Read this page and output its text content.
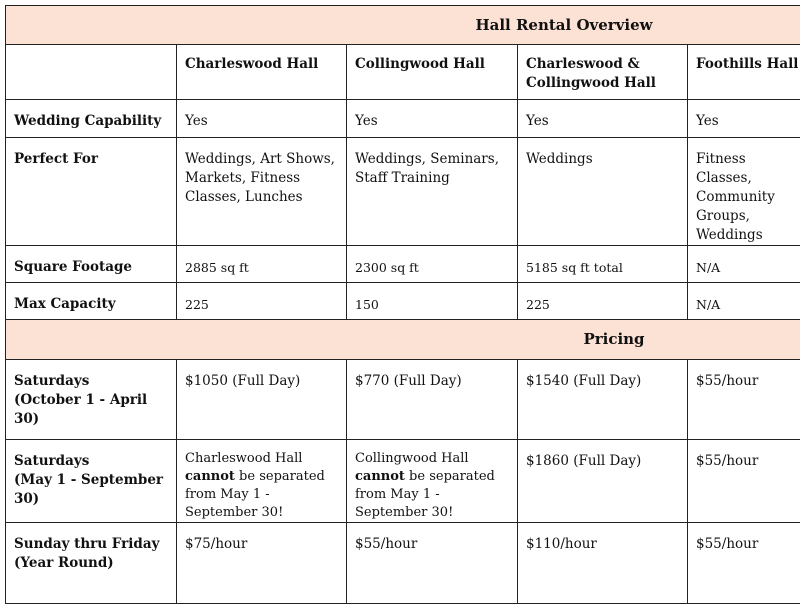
Hall Rental Overview				
	Charleswood Hall	Collingwood Hall	Charleswood & Collingwood Hall	Foothills Hall
Wedding Capability	Yes	Yes	Yes	Yes
Perfect For	Weddings, Art Shows, Markets, Fitness Classes, Lunches	Weddings, Seminars, Staff Training	Weddings	Fitness Classes, Community Groups, Weddings
Square Footage	2885 sq ft	2300 sq ft	5185 sq ft total	N/A
Max Capacity	225	150	225	N/A
Pricing				

Saturdays
(October 1 - April 30)	$1050 (Full Day)	$770 (Full Day)	$1540 (Full Day)	$55/hour

Saturdays
(May 1 - September 30)	Charleswood Hall cannot be separated from May 1 - September 30!	Collingwood Hall cannot be separated from May 1 - September 30!	$1860 (Full Day)	$55/hour

Sunday thru Friday
(Year Round)	$75/hour	$55/hour	$110/hour	$55/hour
